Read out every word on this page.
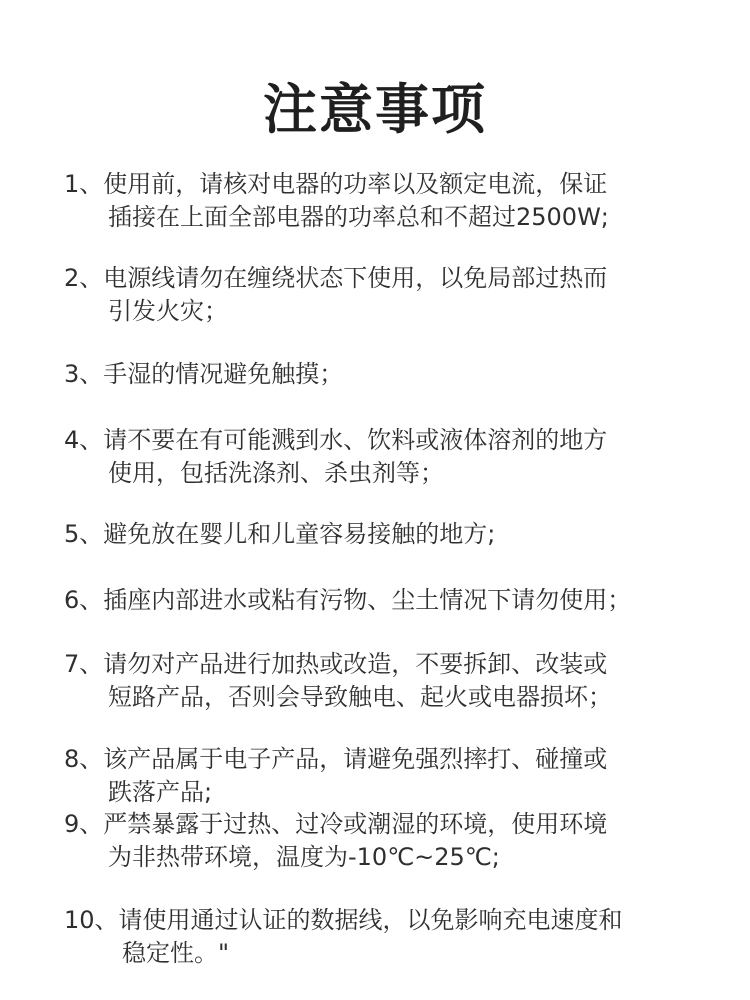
注意事项
1、使用前，请核对电器的功率以及额定电流，保证
插接在上面全部电器的功率总和不超过2500W;
2、电源线请勿在缠绕状态下使用，以免局部过热而
引发火灾；
3、手湿的情况避免触摸；
4、请不要在有可能溅到水、饮料或液体溶剂的地方
使用，包括洗涤剂、杀虫剂等；
5、避免放在婴儿和儿童容易接触的地方;
6、插座内部进水或粘有污物、尘土情况下请勿使用；
7、请勿对产品进行加热或改造，不要拆卸、改装或
短路产品，否则会导致触电、起火或电器损坏；
8、该产品属于电子产品，请避免强烈摔打、碰撞或
跌落产品;
9、严禁暴露于过热、过冷或潮湿的环境，使用环境
为非热带环境，温度为-10℃~25℃;
10、请使用通过认证的数据线，以免影响充电速度和
稳定性。"
